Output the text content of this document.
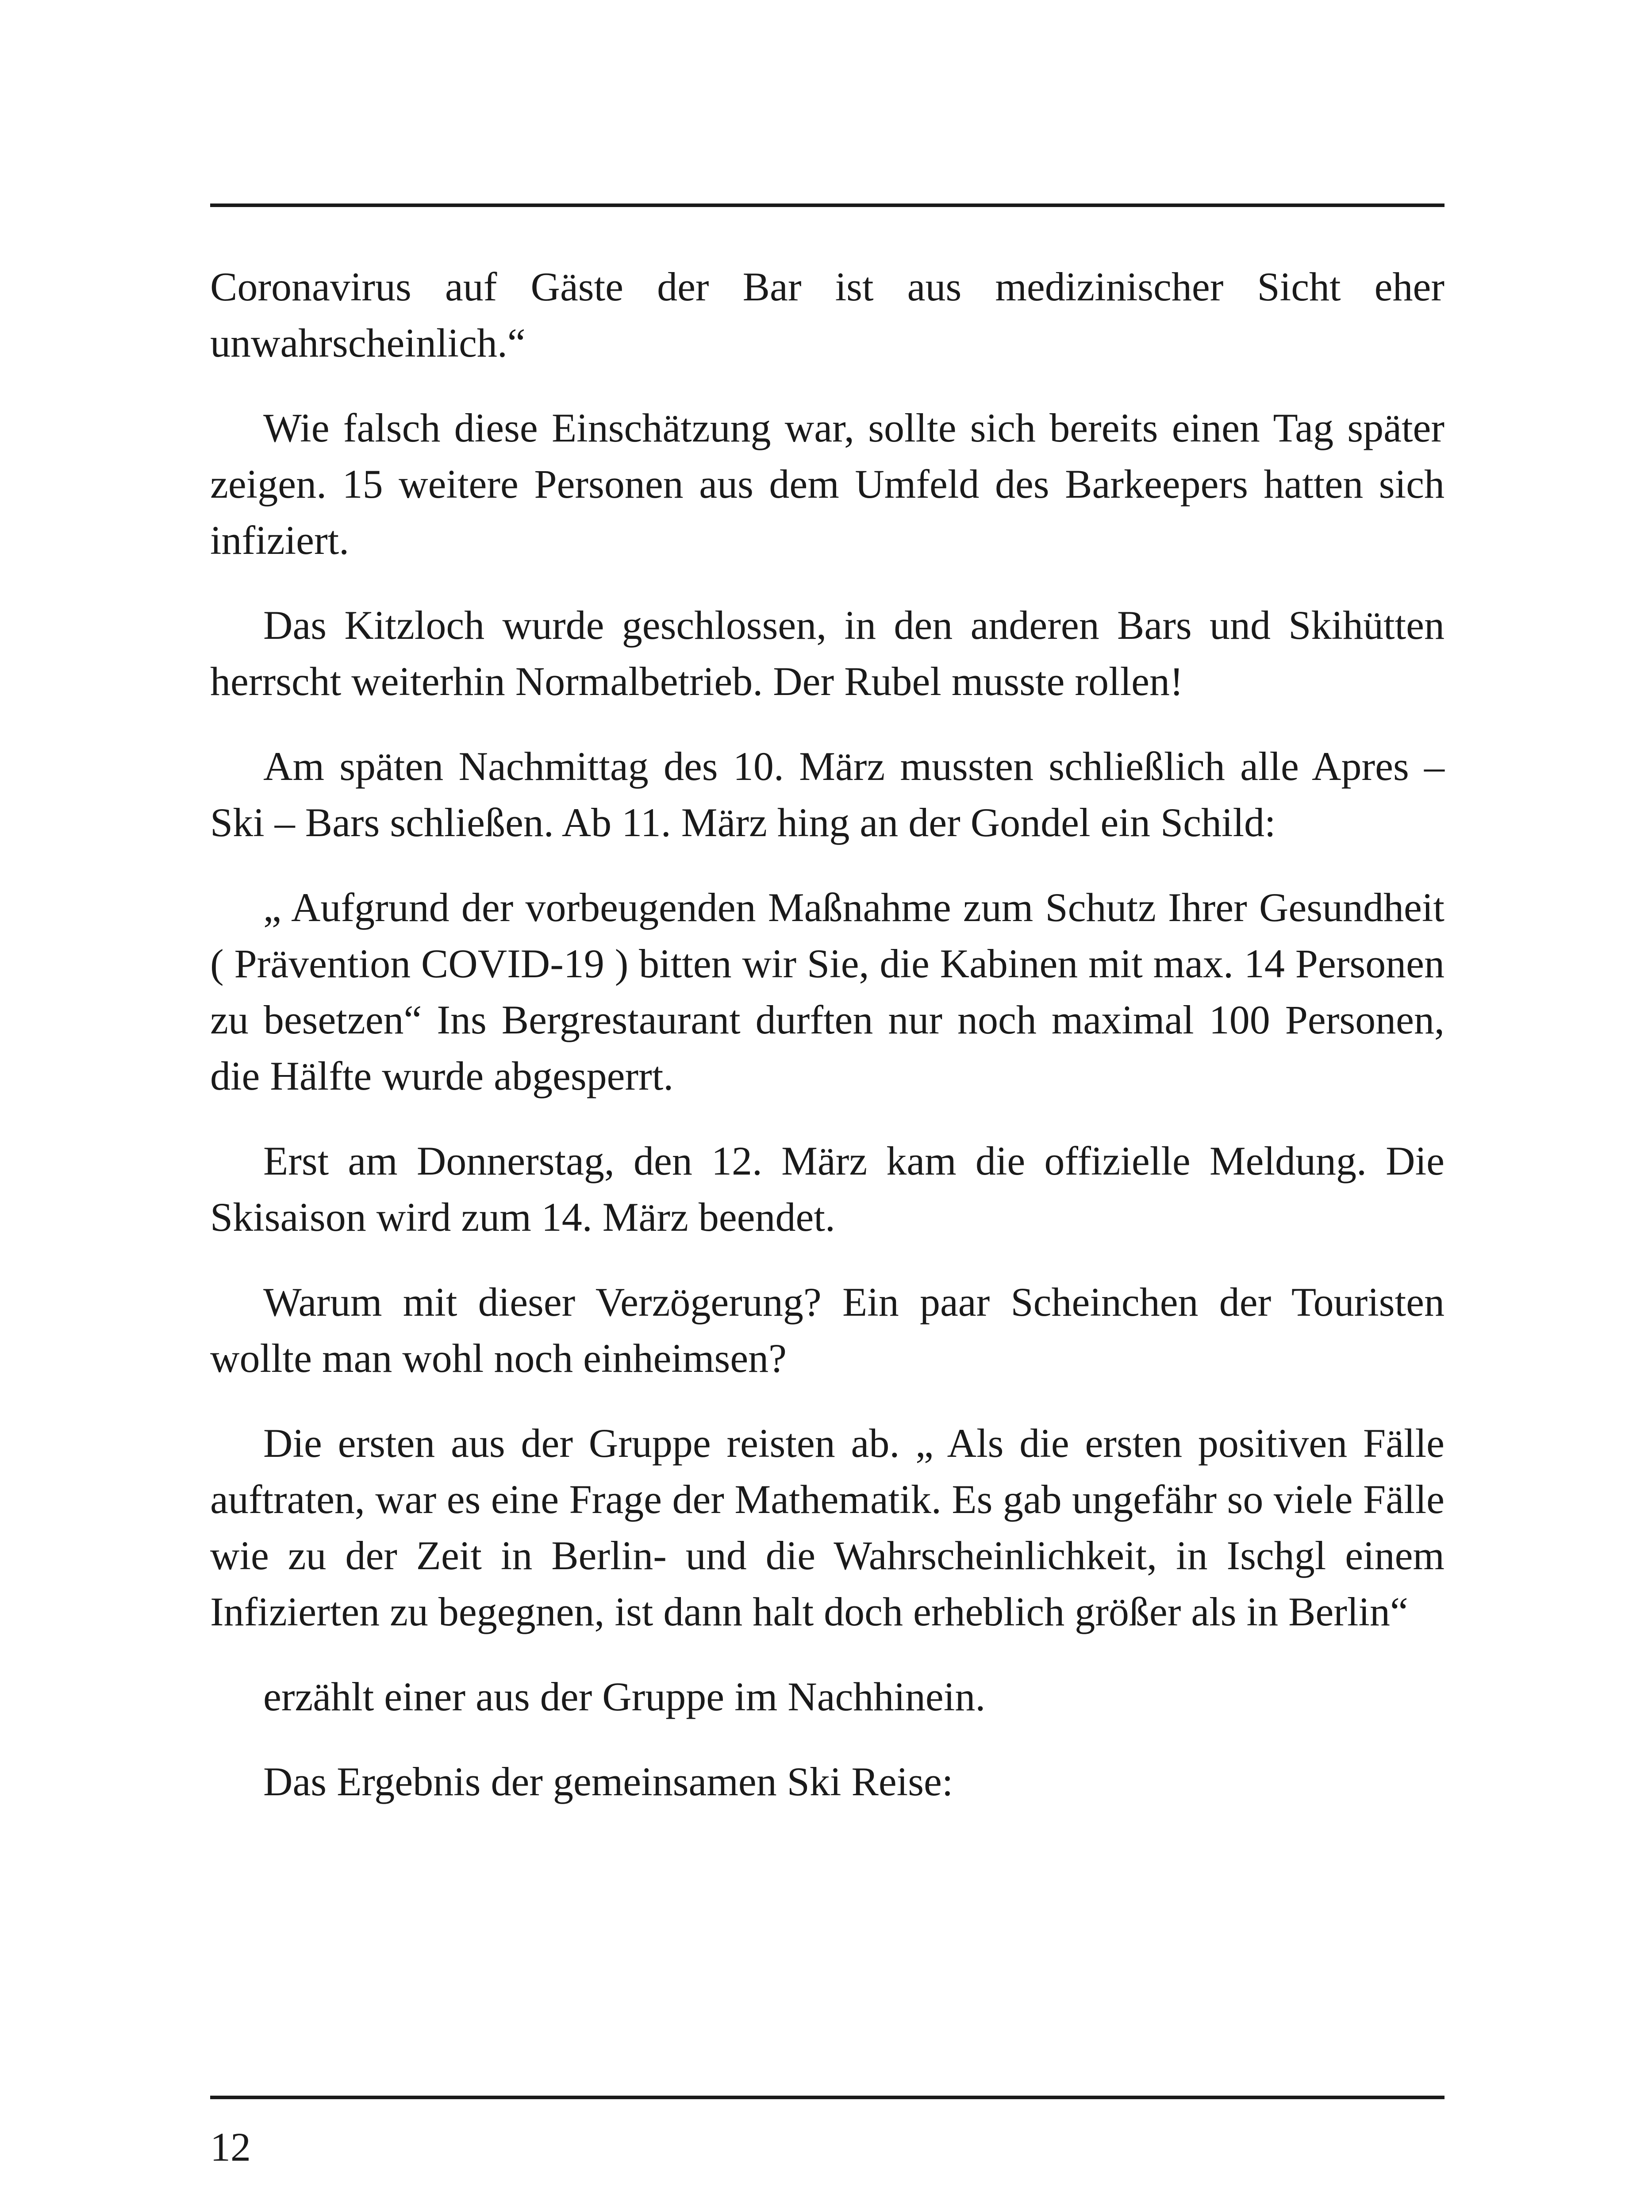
Coronavirus auf Gäste der Bar ist aus medizinischer Sicht eher unwahrscheinlich.“

Wie falsch diese Einschätzung war, sollte sich bereits einen Tag später zeigen. 15 weitere Personen aus dem Umfeld des Barkeepers hatten sich infiziert.

Das Kitzloch wurde geschlossen, in den anderen Bars und Skihütten herrscht weiterhin Normalbetrieb. Der Rubel musste rollen!

Am späten Nachmittag des 10. März mussten schließlich alle Apres – Ski – Bars schließen. Ab 11. März hing an der Gondel ein Schild:

„ Aufgrund der vorbeugenden Maßnahme zum Schutz Ihrer Gesundheit ( Prävention COVID-19 ) bitten wir Sie, die Kabinen mit max. 14 Personen zu besetzen“ Ins Bergrestaurant durften nur noch maximal 100 Personen, die Hälfte wurde abgesperrt.

Erst am Donnerstag, den 12. März kam die offizielle Meldung. Die Skisaison wird zum 14. März beendet.

Warum mit dieser Verzögerung? Ein paar Scheinchen der Touristen wollte man wohl noch einheimsen?

Die ersten aus der Gruppe reisten ab. „ Als die ersten positiven Fälle auftraten, war es eine Frage der Mathematik. Es gab ungefähr so viele Fälle wie zu der Zeit in Berlin- und die Wahrscheinlichkeit, in Ischgl einem Infizierten zu begegnen, ist dann halt doch erheblich größer als in Berlin“

erzählt einer aus der Gruppe im Nachhinein.

Das Ergebnis der gemeinsamen Ski Reise:

12
